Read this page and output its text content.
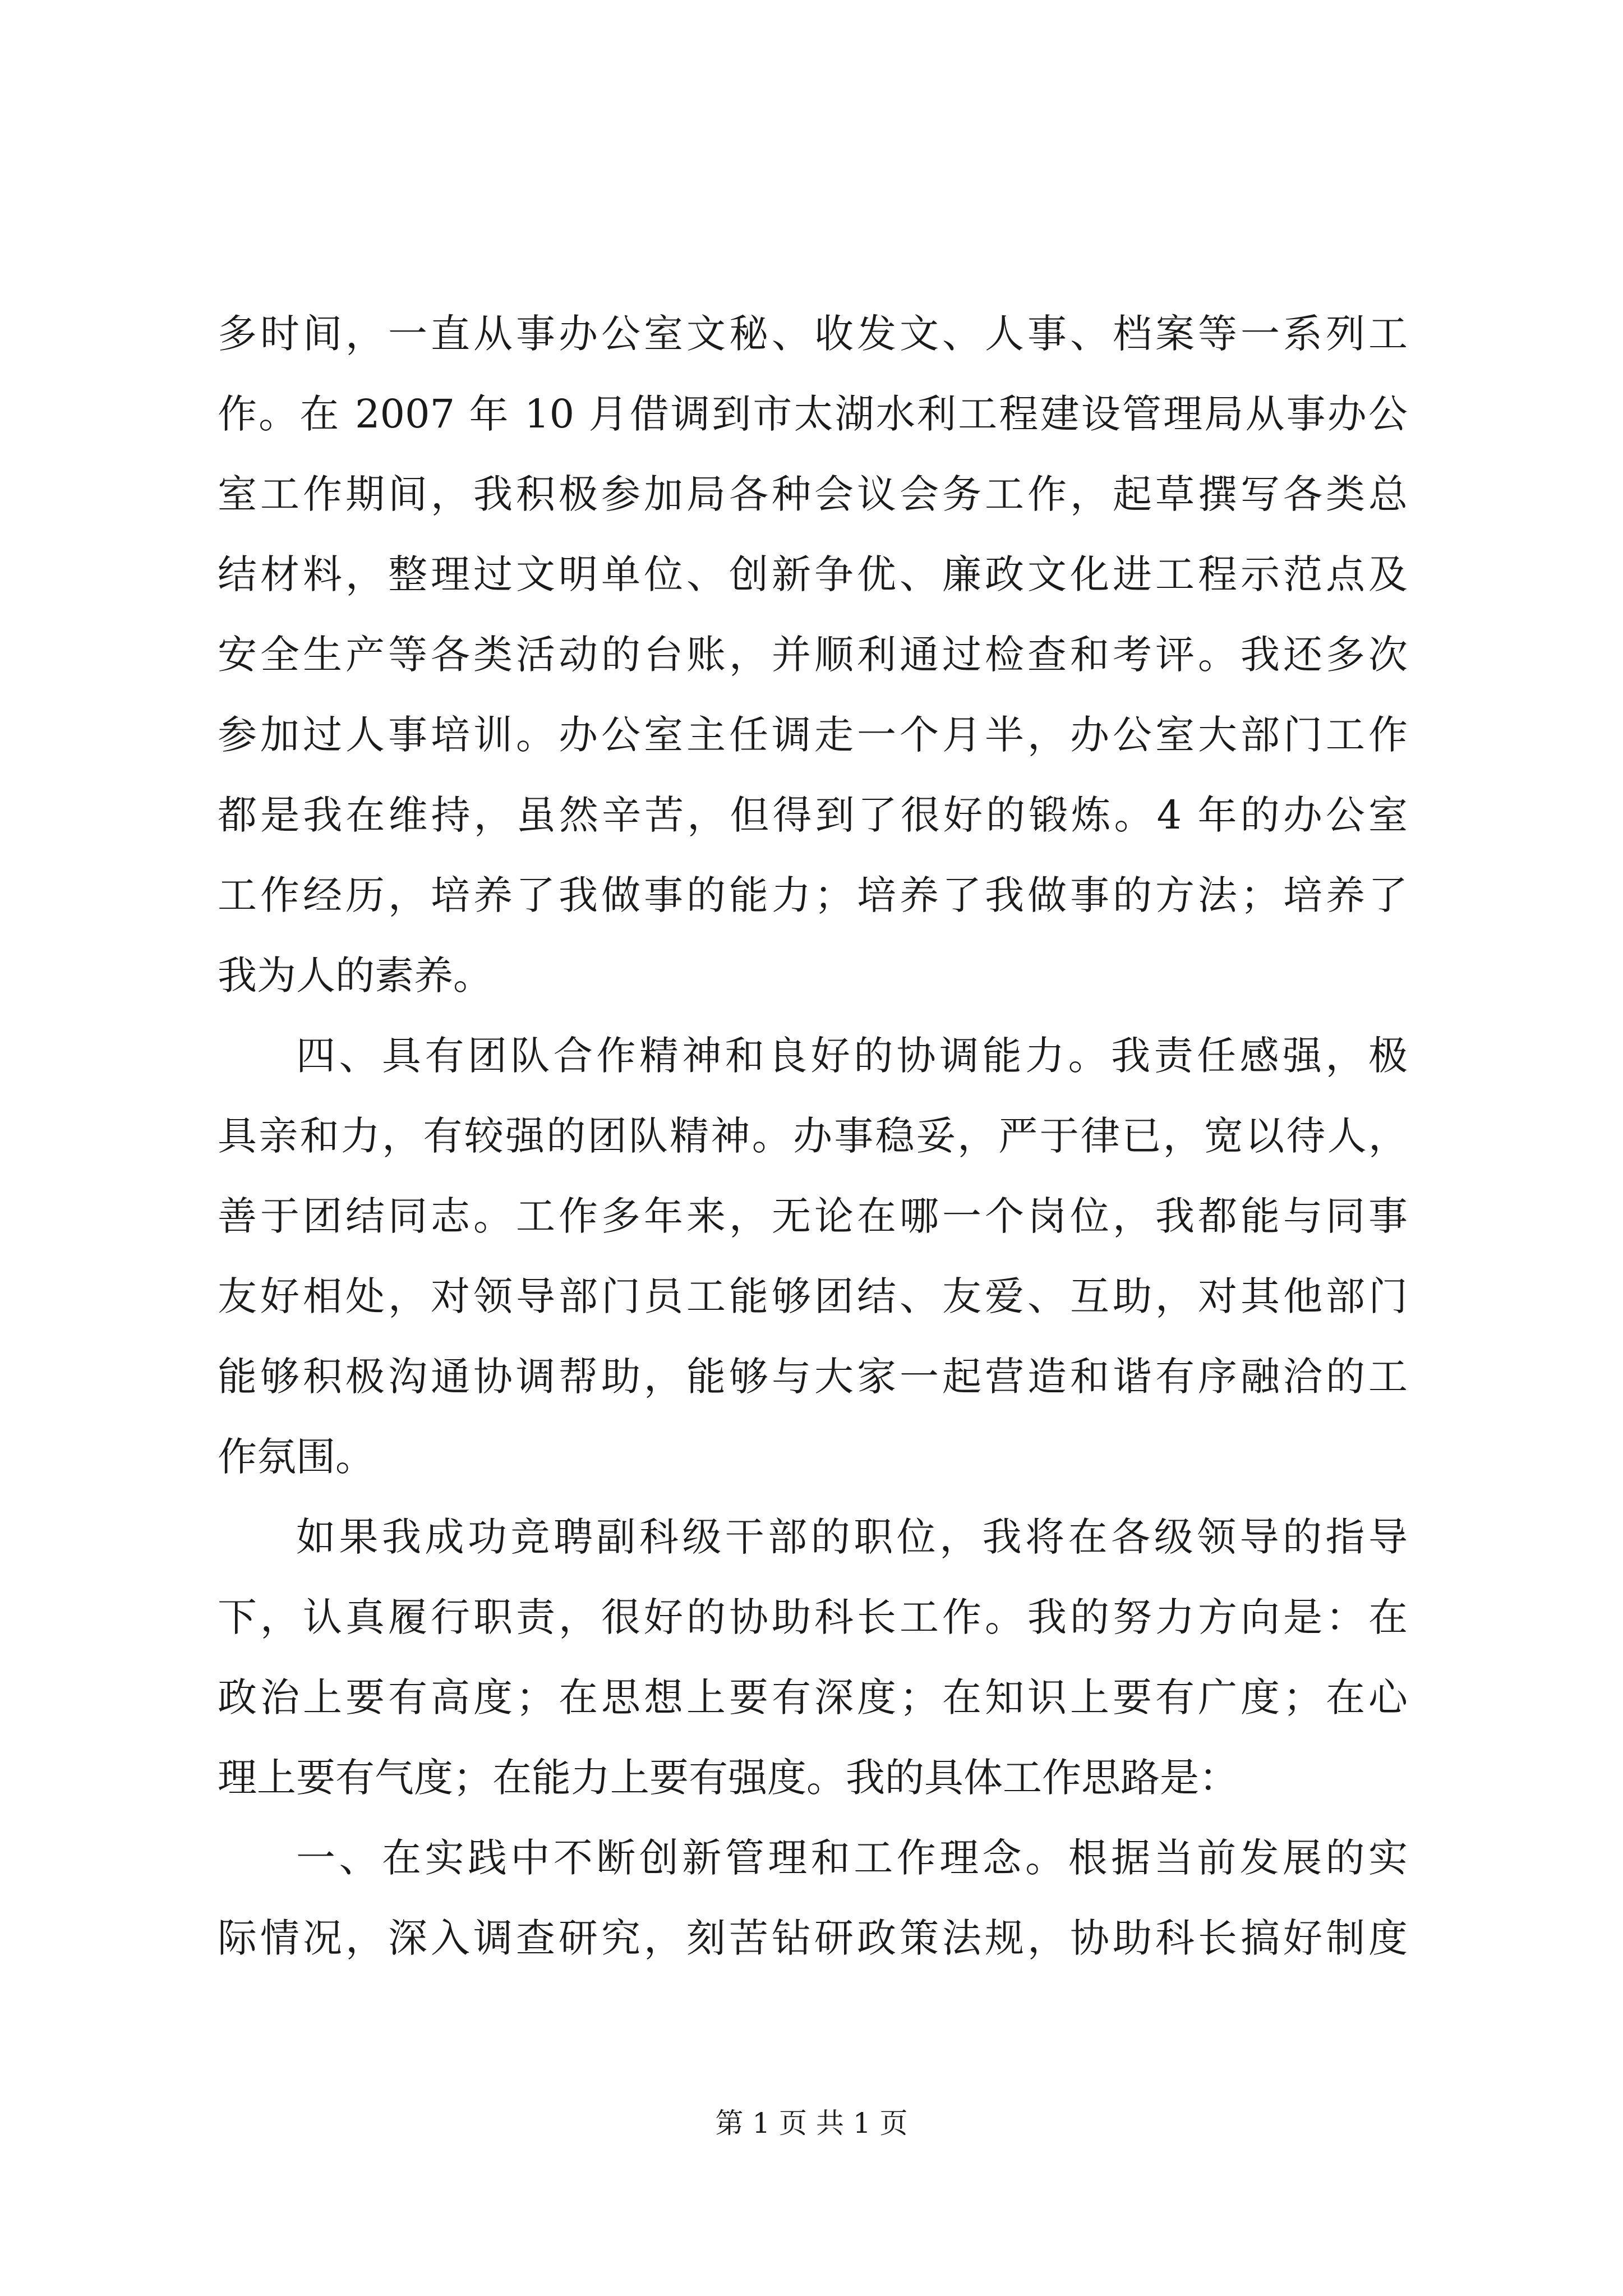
多时间，一直从事办公室文秘、收发文、人事、档案等一系列工
作。在 2007 年 10 月借调到市太湖水利工程建设管理局从事办公
室工作期间，我积极参加局各种会议会务工作，起草撰写各类总
结材料，整理过文明单位、创新争优、廉政文化进工程示范点及
安全生产等各类活动的台账，并顺利通过检查和考评。我还多次
参加过人事培训。办公室主任调走一个月半，办公室大部门工作
都是我在维持，虽然辛苦，但得到了很好的锻炼。4 年的办公室
工作经历，培养了我做事的能力；培养了我做事的方法；培养了
我为人的素养。
四、具有团队合作精神和良好的协调能力。我责任感强，极
具亲和力，有较强的团队精神。办事稳妥，严于律已，宽以待人，
善于团结同志。工作多年来，无论在哪一个岗位，我都能与同事
友好相处，对领导部门员工能够团结、友爱、互助，对其他部门
能够积极沟通协调帮助，能够与大家一起营造和谐有序融洽的工
作氛围。
如果我成功竞聘副科级干部的职位，我将在各级领导的指导
下，认真履行职责，很好的协助科长工作。我的努力方向是：在
政治上要有高度；在思想上要有深度；在知识上要有广度；在心
理上要有气度；在能力上要有强度。我的具体工作思路是：
一、在实践中不断创新管理和工作理念。根据当前发展的实
际情况，深入调查研究，刻苦钻研政策法规，协助科长搞好制度
第 1 页 共 1 页
